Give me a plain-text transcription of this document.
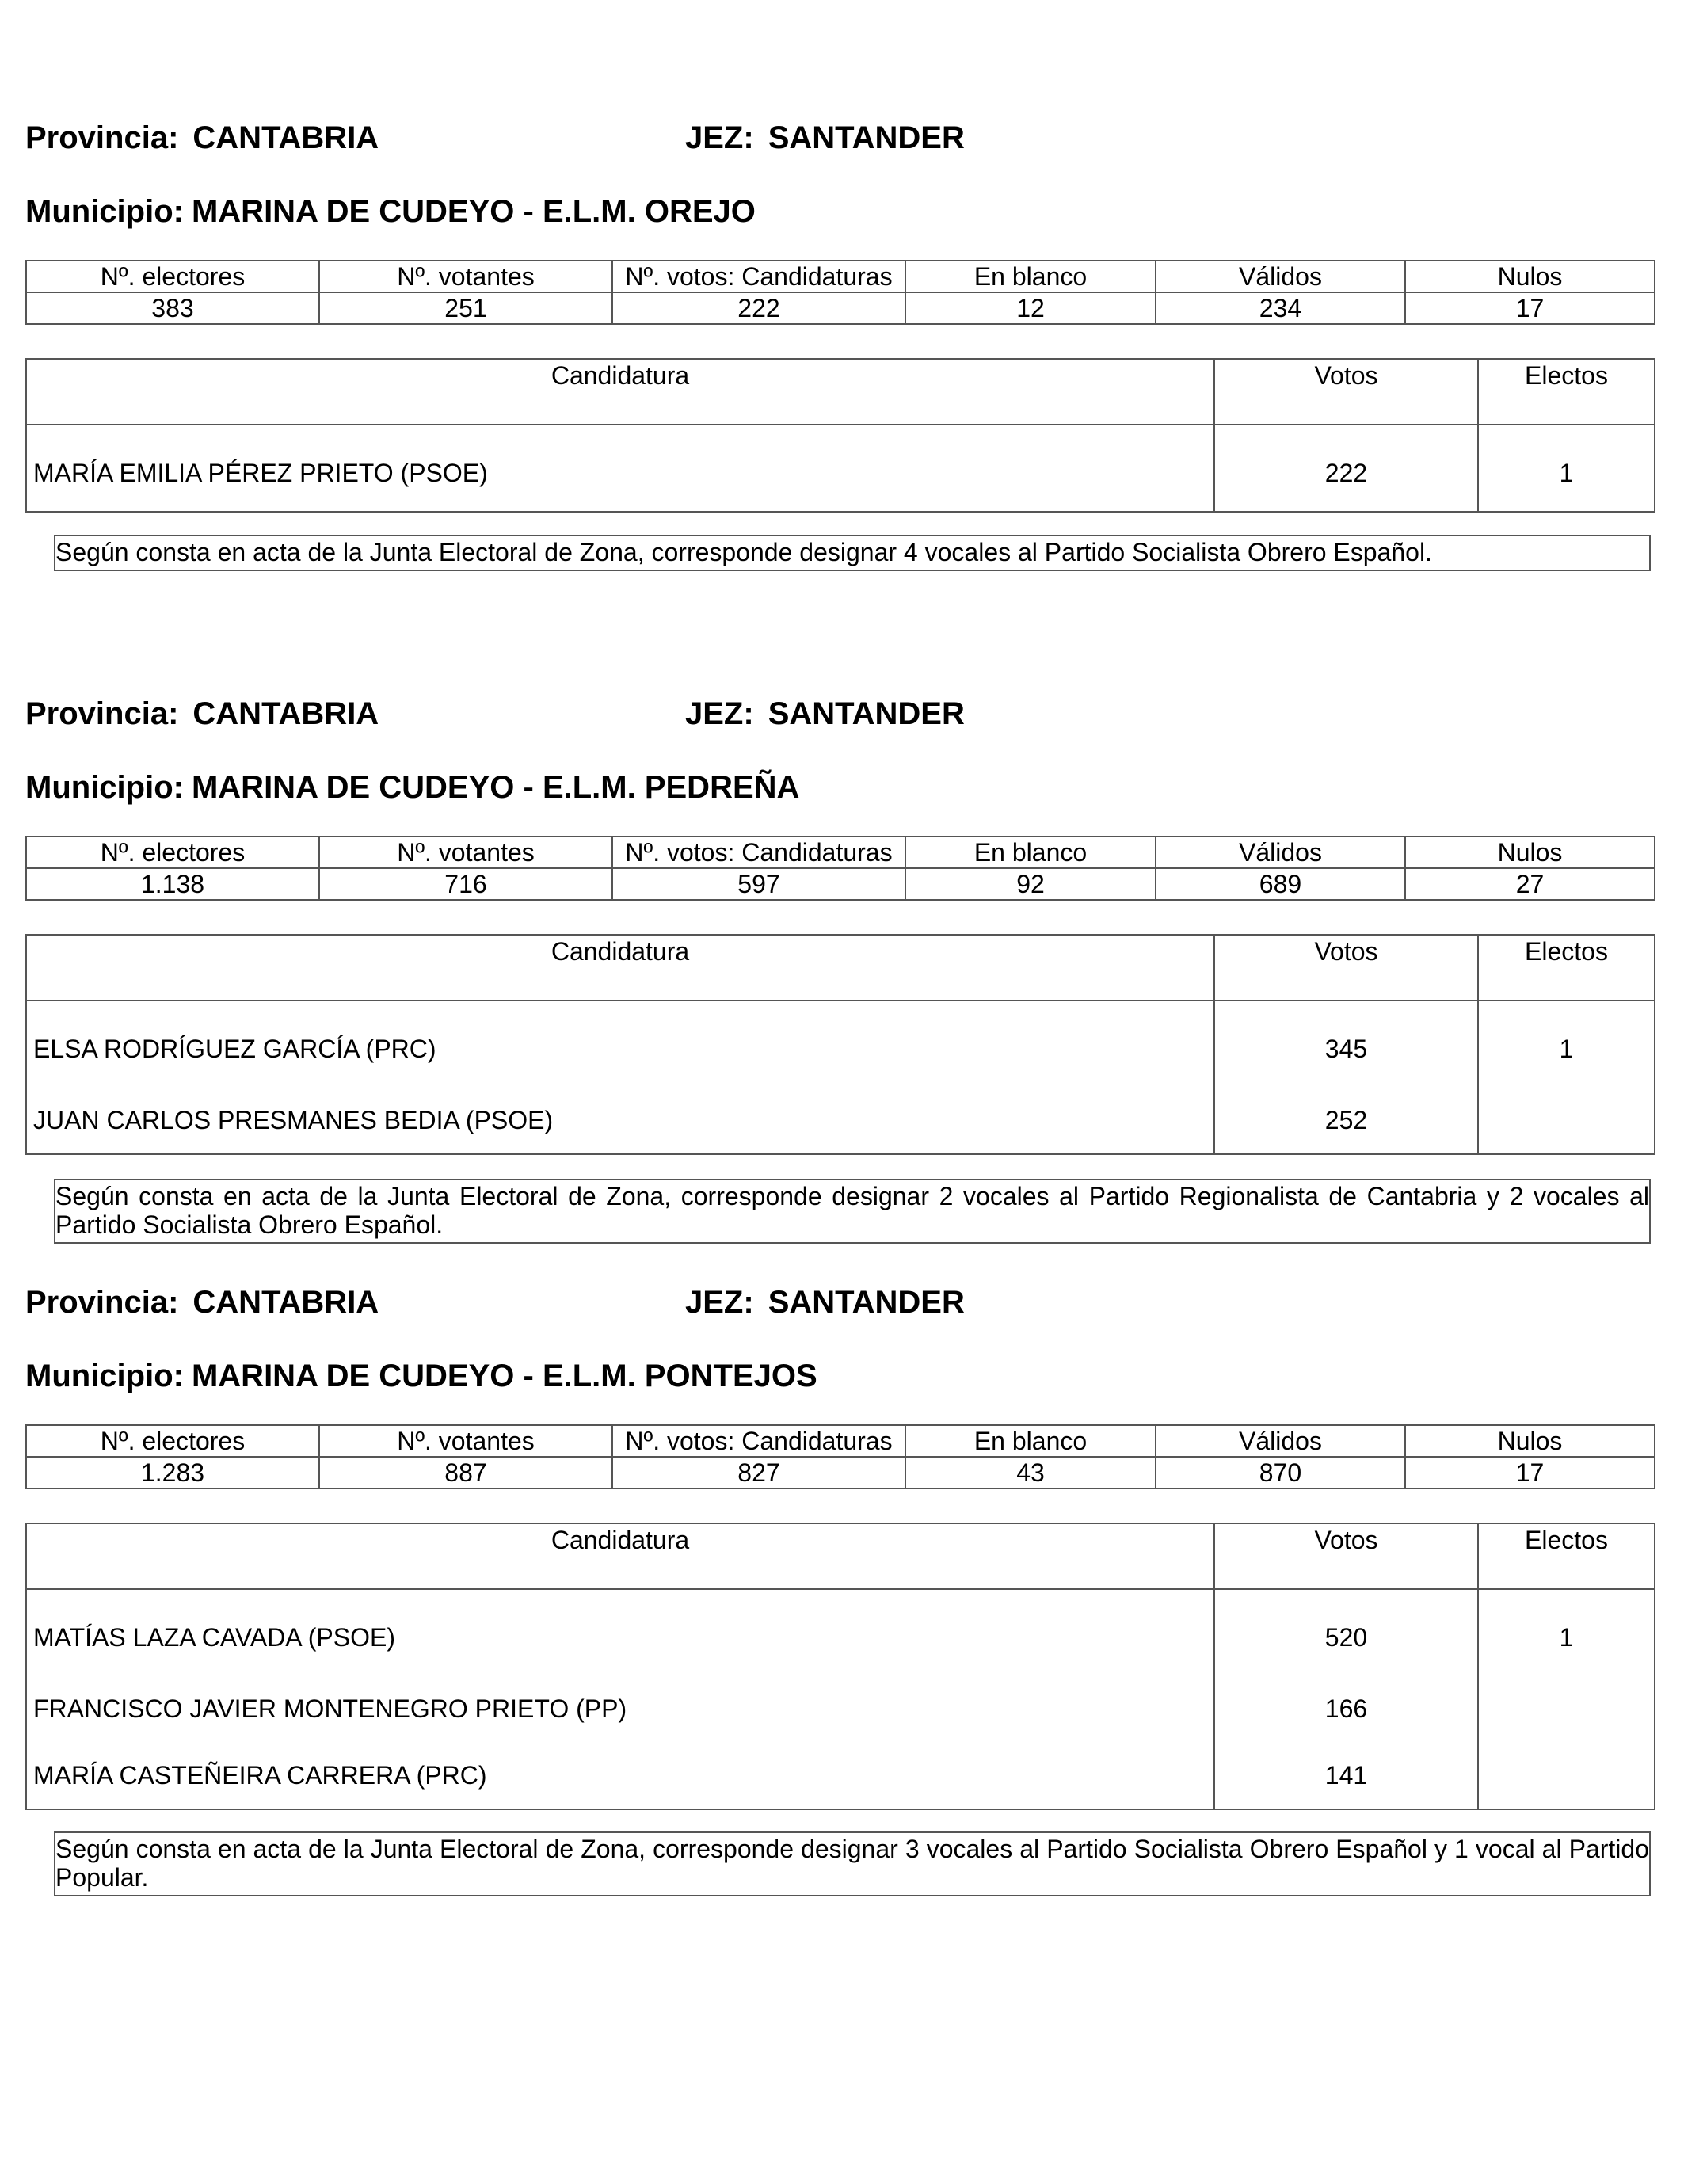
Provincia: CANTABRIA	JEZ: SANTANDER
Municipio: MARINA DE CUDEYO - E.L.M. OREJO
Nº. electores	Nº. votantes	Nº. votos: Candidaturas	En blanco	Válidos	Nulos
383	251	222	12	234	17
Candidatura	Votos	Electos
MARÍA EMILIA PÉREZ PRIETO (PSOE)	222	1
Según consta en acta de la Junta Electoral de Zona, corresponde designar 4 vocales al Partido Socialista Obrero Español.
Provincia: CANTABRIA	JEZ: SANTANDER
Municipio: MARINA DE CUDEYO - E.L.M. PEDREÑA
Nº. electores	Nº. votantes	Nº. votos: Candidaturas	En blanco	Válidos	Nulos
1.138	716	597	92	689	27
Candidatura	Votos	Electos
ELSA RODRÍGUEZ GARCÍA (PRC)	345	1
JUAN CARLOS PRESMANES BEDIA (PSOE)	252	
Según consta en acta de la Junta Electoral de Zona, corresponde designar 2 vocales al Partido Regionalista de Cantabria y 2 vocales al Partido Socialista Obrero Español.
Provincia: CANTABRIA	JEZ: SANTANDER
Municipio: MARINA DE CUDEYO - E.L.M. PONTEJOS
Nº. electores	Nº. votantes	Nº. votos: Candidaturas	En blanco	Válidos	Nulos
1.283	887	827	43	870	17
Candidatura	Votos	Electos
MATÍAS LAZA CAVADA (PSOE)	520	1
FRANCISCO JAVIER MONTENEGRO PRIETO (PP)	166	
MARÍA CASTEÑEIRA CARRERA (PRC)	141	
Según consta en acta de la Junta Electoral de Zona, corresponde designar 3 vocales al Partido Socialista Obrero Español y 1 vocal al Partido Popular.
